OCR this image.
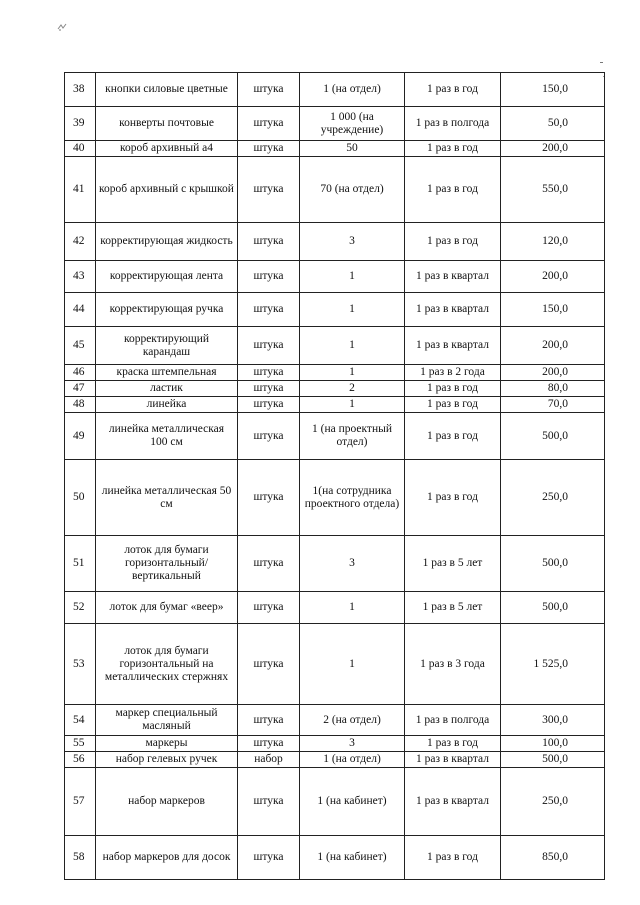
38	кнопки силовые цветные	штука	1 (на отдел)	1 раз в год	150,0
39	конверты почтовые	штука	1 000 (на учреждение)	1 раз в полгода	50,0
40	короб архивный а4	штука	50	1 раз в год	200,0
41	короб архивный с крышкой	штука	70 (на отдел)	1 раз в год	550,0
42	корректирующая жидкость	штука	3	1 раз в год	120,0
43	корректирующая лента	штука	1	1 раз в квартал	200,0
44	корректирующая ручка	штука	1	1 раз в квартал	150,0
45	корректирующий карандаш	штука	1	1 раз в квартал	200,0
46	краска штемпельная	штука	1	1 раз в 2 года	200,0
47	ластик	штука	2	1 раз в год	80,0
48	линейка	штука	1	1 раз в год	70,0
49	линейка металлическая 100 см	штука	1 (на проектный отдел)	1 раз в год	500,0
50	линейка металлическая 50 см	штука	1(на сотрудника проектного отдела)	1 раз в год	250,0
51	лоток для бумаги горизонтальный/вертикальный	штука	3	1 раз в 5 лет	500,0
52	лоток для бумаг «веер»	штука	1	1 раз в 5 лет	500,0
53	лоток для бумаги горизонтальный на металлических стержнях	штука	1	1 раз в 3 года	1 525,0
54	маркер специальный масляный	штука	2 (на отдел)	1 раз в полгода	300,0
55	маркеры	штука	3	1 раз в год	100,0
56	набор гелевых ручек	набор	1 (на отдел)	1 раз в квартал	500,0
57	набор маркеров	штука	1 (на кабинет)	1 раз в квартал	250,0
58	набор маркеров для досок	штука	1 (на кабинет)	1 раз в год	850,0
